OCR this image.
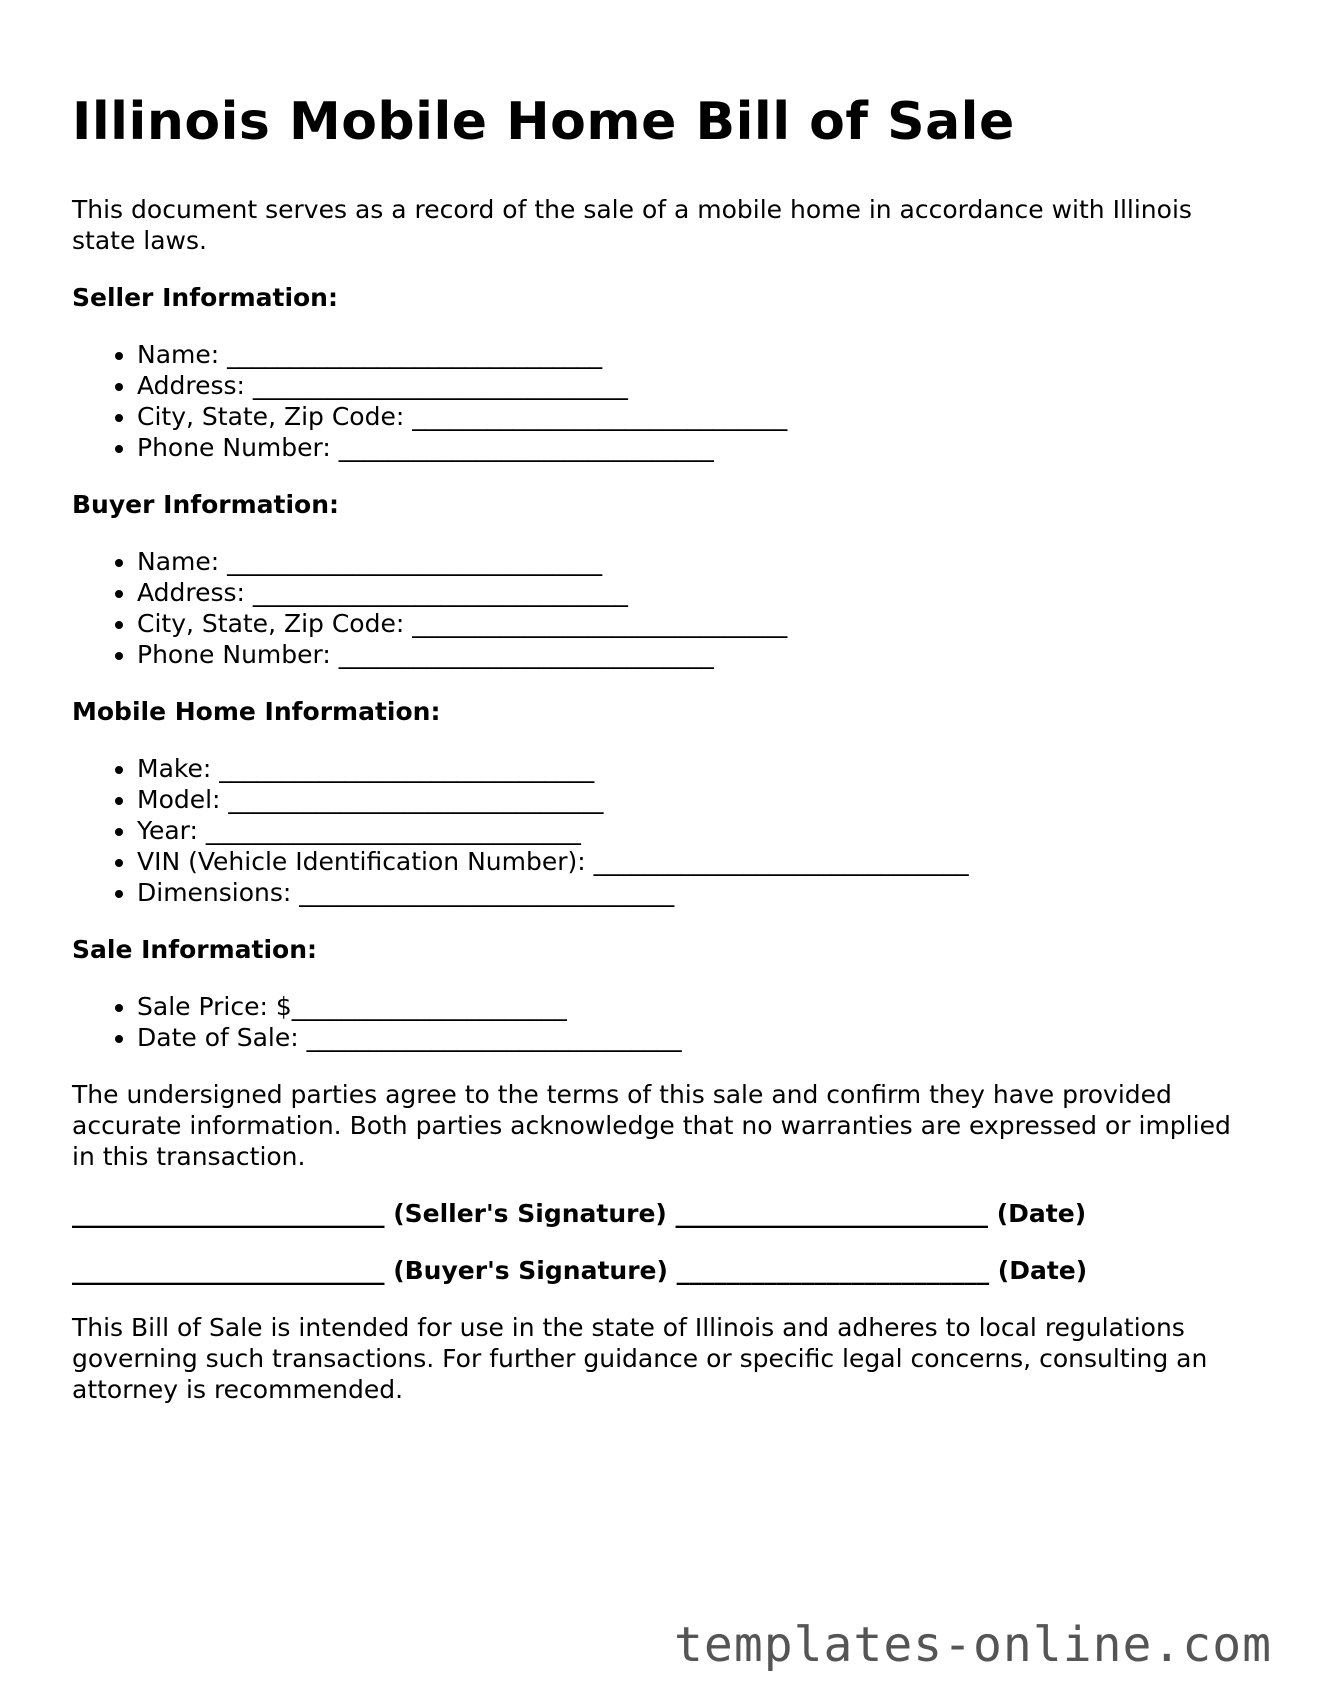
Illinois Mobile Home Bill of Sale

This document serves as a record of the sale of a mobile home in accordance with Illinois state laws.

Seller Information:
• Name: ______________________________
• Address: ______________________________
• City, State, Zip Code: ______________________________
• Phone Number: ______________________________
Buyer Information:
• Name: ______________________________
• Address: ______________________________
• City, State, Zip Code: ______________________________
• Phone Number: ______________________________
Mobile Home Information:
• Make: ______________________________
• Model: ______________________________
• Year: ______________________________
• VIN (Vehicle Identification Number): ______________________________
• Dimensions: ______________________________
Sale Information:
• Sale Price: $______________________
• Date of Sale: ______________________________

The undersigned parties agree to the terms of this sale and confirm they have provided accurate information. Both parties acknowledge that no warranties are expressed or implied in this transaction.

_________________________ (Seller's Signature) _________________________ (Date)
_________________________ (Buyer's Signature) _________________________ (Date)

This Bill of Sale is intended for use in the state of Illinois and adheres to local regulations governing such transactions. For further guidance or specific legal concerns, consulting an attorney is recommended.

templates-online.com
